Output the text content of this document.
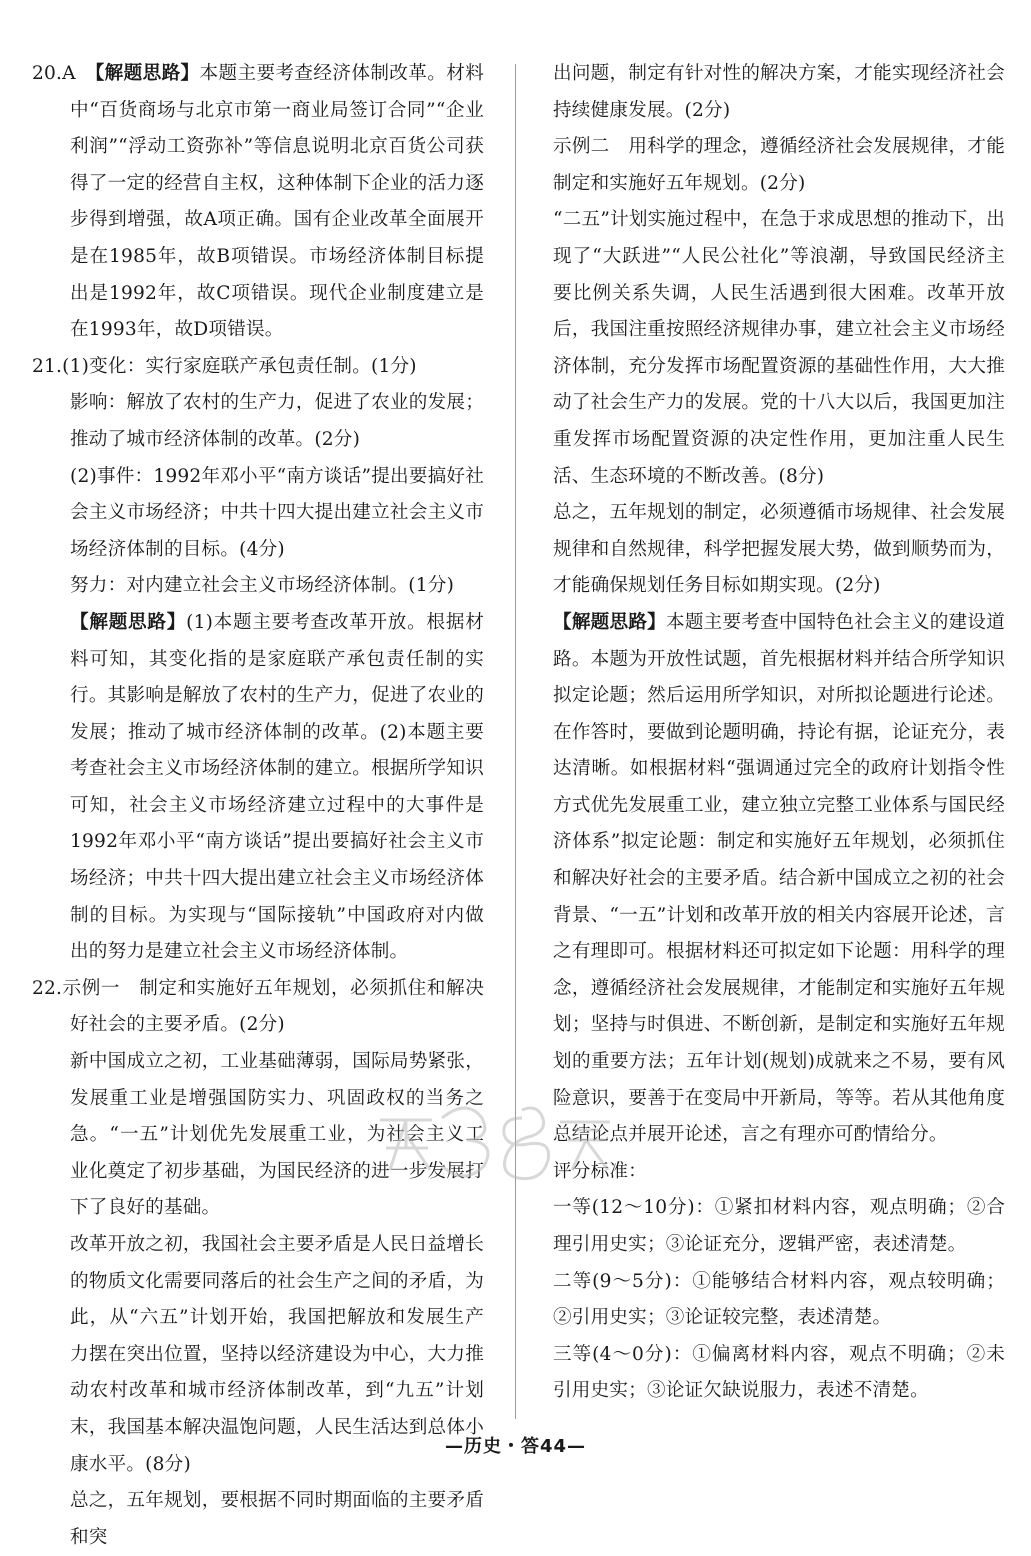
20.A　【解题思路】本题主要考查经济体制改革。材料中“百货商场与北京市第一商业局签订合同”“企业利润”“浮动工资弥补”等信息说明北京百货公司获得了一定的经营自主权，这种体制下企业的活力逐步得到增强，故A项正确。国有企业改革全面展开是在1985年，故B项错误。市场经济体制目标提出是1992年，故C项错误。现代企业制度建立是在1993年，故D项错误。

21.(1)变化：实行家庭联产承包责任制。(1分)

影响：解放了农村的生产力，促进了农业的发展；推动了城市经济体制的改革。(2分)

(2)事件：1992年邓小平“南方谈话”提出要搞好社会主义市场经济；中共十四大提出建立社会主义市场经济体制的目标。(4分)

努力：对内建立社会主义市场经济体制。(1分)

【解题思路】(1)本题主要考查改革开放。根据材料可知，其变化指的是家庭联产承包责任制的实行。其影响是解放了农村的生产力，促进了农业的发展；推动了城市经济体制的改革。(2)本题主要考查社会主义市场经济体制的建立。根据所学知识可知，社会主义市场经济建立过程中的大事件是1992年邓小平“南方谈话”提出要搞好社会主义市场经济；中共十四大提出建立社会主义市场经济体制的目标。为实现与“国际接轨”中国政府对内做出的努力是建立社会主义市场经济体制。

22.示例一　制定和实施好五年规划，必须抓住和解决好社会的主要矛盾。(2分)

新中国成立之初，工业基础薄弱，国际局势紧张，发展重工业是增强国防实力、巩固政权的当务之急。“一五”计划优先发展重工业，为社会主义工业化奠定了初步基础，为国民经济的进一步发展打下了良好的基础。

改革开放之初，我国社会主要矛盾是人民日益增长的物质文化需要同落后的社会生产之间的矛盾，为此，从“六五”计划开始，我国把解放和发展生产力摆在突出位置，坚持以经济建设为中心，大力推动农村改革和城市经济体制改革，到“九五”计划末，我国基本解决温饱问题，人民生活达到总体小康水平。(8分)

总之，五年规划，要根据不同时期面临的主要矛盾和突

出问题，制定有针对性的解决方案，才能实现经济社会持续健康发展。(2分)

示例二　用科学的理念，遵循经济社会发展规律，才能制定和实施好五年规划。(2分)

“二五”计划实施过程中，在急于求成思想的推动下，出现了“大跃进”“人民公社化”等浪潮，导致国民经济主要比例关系失调，人民生活遇到很大困难。改革开放后，我国注重按照经济规律办事，建立社会主义市场经济体制，充分发挥市场配置资源的基础性作用，大大推动了社会生产力的发展。党的十八大以后，我国更加注重发挥市场配置资源的决定性作用，更加注重人民生活、生态环境的不断改善。(8分)

总之，五年规划的制定，必须遵循市场规律、社会发展规律和自然规律，科学把握发展大势，做到顺势而为，才能确保规划任务目标如期实现。(2分)

【解题思路】本题主要考查中国特色社会主义的建设道路。本题为开放性试题，首先根据材料并结合所学知识拟定论题；然后运用所学知识，对所拟论题进行论述。在作答时，要做到论题明确，持论有据，论证充分，表达清晰。如根据材料“强调通过完全的政府计划指令性方式优先发展重工业，建立独立完整工业体系与国民经济体系”拟定论题：制定和实施好五年规划，必须抓住和解决好社会的主要矛盾。结合新中国成立之初的社会背景、“一五”计划和改革开放的相关内容展开论述，言之有理即可。根据材料还可拟定如下论题：用科学的理念，遵循经济社会发展规律，才能制定和实施好五年规划；坚持与时俱进、不断创新，是制定和实施好五年规划的重要方法；五年计划(规划)成就来之不易，要有风险意识，要善于在变局中开新局，等等。若从其他角度总结论点并展开论述，言之有理亦可酌情给分。

评分标准：

一等(12～10分)：①紧扣材料内容，观点明确；②合理引用史实；③论证充分，逻辑严密，表述清楚。

二等(9～5分)：①能够结合材料内容，观点较明确；②引用史实；③论证较完整，表述清楚。

三等(4～0分)：①偏离材料内容，观点不明确；②未引用史实；③论证欠缺说服力，表述不清楚。

—历史・答44—
